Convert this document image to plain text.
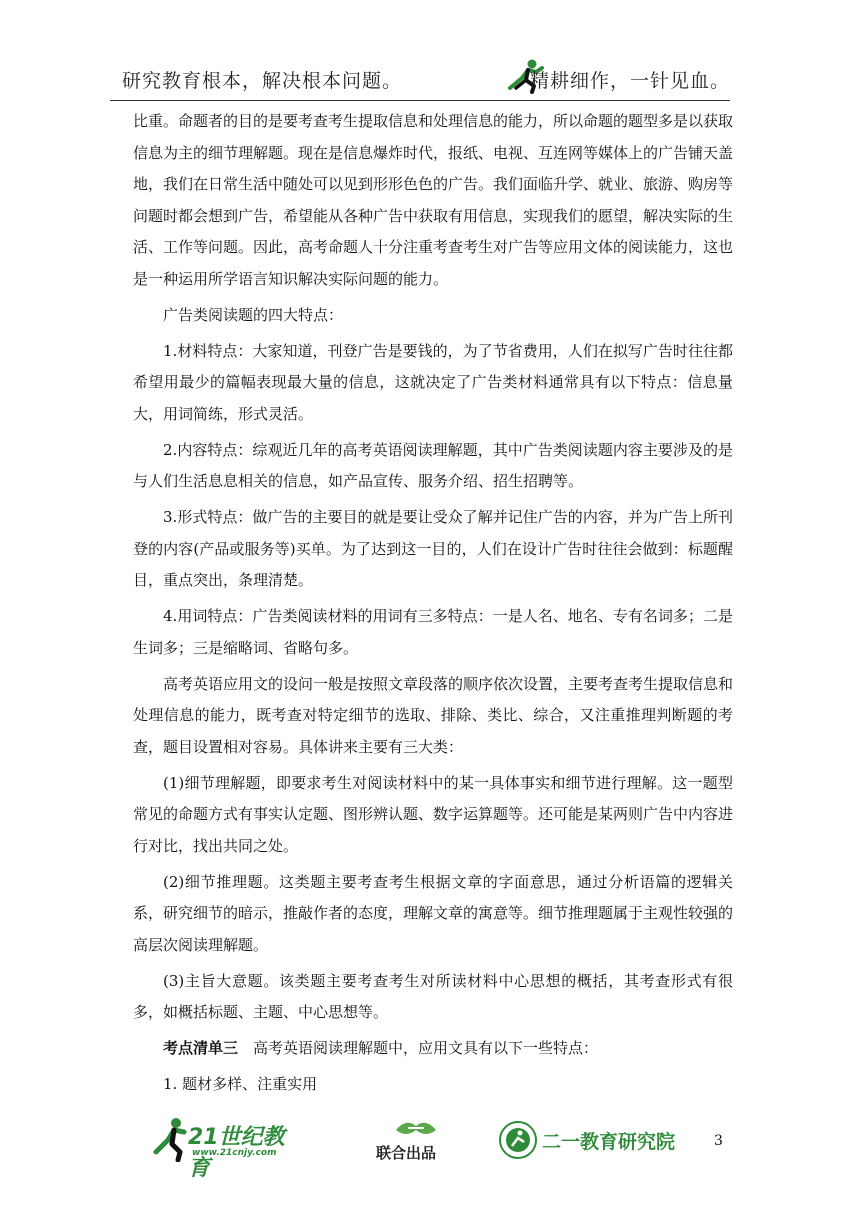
研究教育根本，解决根本问题。	精耕细作，一针见血。

比重。命题者的目的是要考查考生提取信息和处理信息的能力，所以命题的题型多是以获取信息为主的细节理解题。现在是信息爆炸时代，报纸、电视、互连网等媒体上的广告铺天盖地，我们在日常生活中随处可以见到形形色色的广告。我们面临升学、就业、旅游、购房等问题时都会想到广告，希望能从各种广告中获取有用信息，实现我们的愿望，解决实际的生活、工作等问题。因此，高考命题人十分注重考查考生对广告等应用文体的阅读能力，这也是一种运用所学语言知识解决实际问题的能力。

广告类阅读题的四大特点：

1.材料特点：大家知道，刊登广告是要钱的，为了节省费用，人们在拟写广告时往往都希望用最少的篇幅表现最大量的信息，这就决定了广告类材料通常具有以下特点：信息量大，用词简练，形式灵活。

2.内容特点：综观近几年的高考英语阅读理解题，其中广告类阅读题内容主要涉及的是与人们生活息息相关的信息，如产品宣传、服务介绍、招生招聘等。

3.形式特点：做广告的主要目的就是要让受众了解并记住广告的内容，并为广告上所刊登的内容(产品或服务等)买单。为了达到这一目的，人们在设计广告时往往会做到：标题醒目，重点突出，条理清楚。

4.用词特点：广告类阅读材料的用词有三多特点：一是人名、地名、专有名词多；二是生词多；三是缩略词、省略句多。

高考英语应用文的设问一般是按照文章段落的顺序依次设置，主要考查考生提取信息和处理信息的能力，既考查对特定细节的选取、排除、类比、综合，又注重推理判断题的考查，题目设置相对容易。具体讲来主要有三大类：

(1)细节理解题，即要求考生对阅读材料中的某一具体事实和细节进行理解。这一题型常见的命题方式有事实认定题、图形辨认题、数字运算题等。还可能是某两则广告中内容进行对比，找出共同之处。

(2)细节推理题。这类题主要考查考生根据文章的字面意思，通过分析语篇的逻辑关系，研究细节的暗示，推敲作者的态度，理解文章的寓意等。细节推理题属于主观性较强的高层次阅读理解题。

(3)主旨大意题。该类题主要考查考生对所读材料中心思想的概括，其考查形式有很多，如概括标题、主题、中心思想等。

考点清单三　高考英语阅读理解题中，应用文具有以下一些特点：

1. 题材多样、注重实用

21世纪教育
www.21cnjy.com	联合出品	二一教育研究院	3
